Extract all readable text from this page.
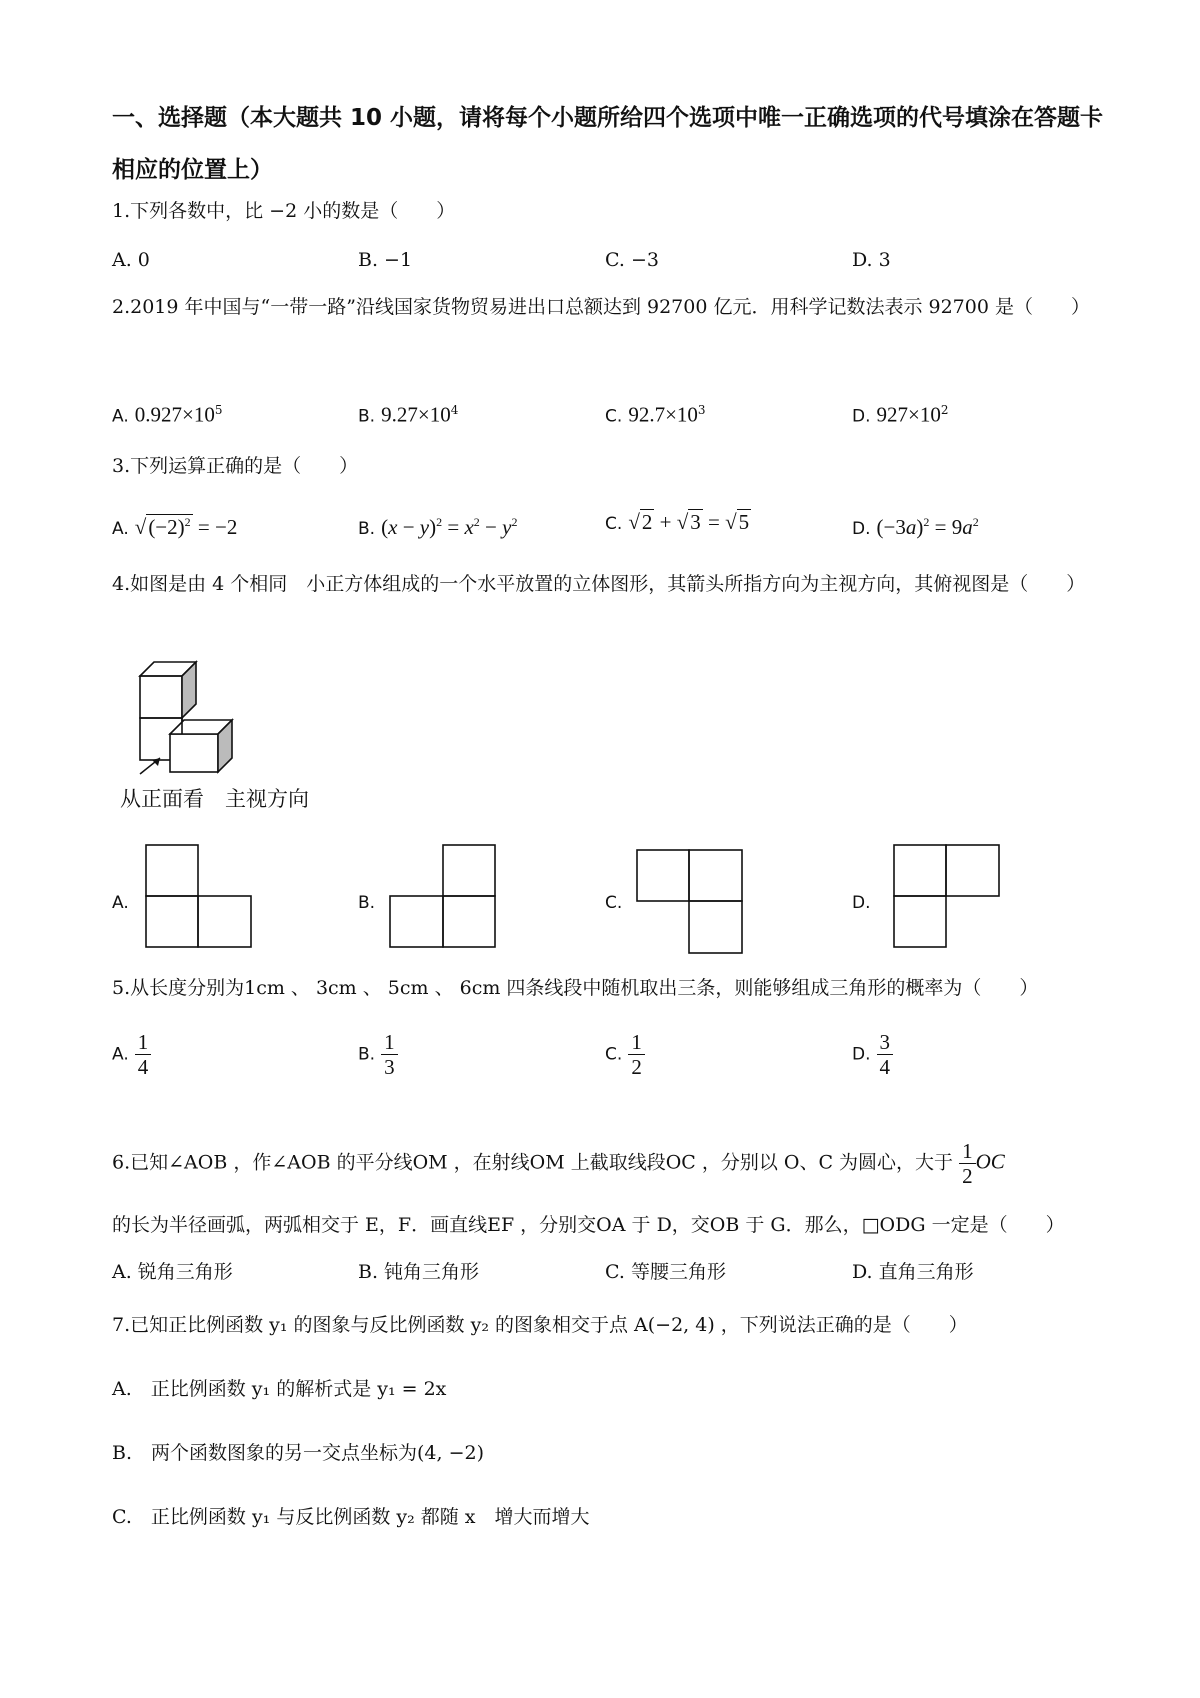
一、选择题（本大题共 10 小题，请将每个小题所给四个选项中唯一正确选项的代号填涂在答题卡相应的位置上）
1.下列各数中，比 −2 小的数是（　　）
A. 0	B. −1	C. −3	D. 3
2.2019 年中国与“一带一路”沿线国家货物贸易进出口总额达到 92700 亿元．用科学记数法表示 92700 是（　　）
A. $0.927\times 10^5$	B. $9.27\times 10^4$	C. $92.7\times 10^3$	D. $927\times 10^2$
3.下列运算正确的是（　　）
A. $√(-2)^2 = -2$	B. $(x - y)^2 = x^2 - y^2$	C. √2 + √3 = √5	D. $(-3a)^2 = 9a^2$
4.如图是由 4 个相同　小正方体组成的一个水平放置的立体图形，其箭头所指方向为主视方向，其俯视图是（　　）
从正面看　主视方向
A.	B.	C.	D.
5.从长度分别为1cm 、 3cm 、 5cm 、 6cm 四条线段中随机取出三条，则能够组成三角形的概率为（　　）
A. $\frac{1}{4}$	B. $\frac{1}{3}$	C. $\frac{1}{2}$	D. $\frac{3}{4}$
6.已知∠AOB ，作∠AOB 的平分线OM ，在射线OM 上截取线段OC ，分别以 O、C 为圆心，大于 $\frac{1}{2}$ OC
的长为半径画弧，两弧相交于 E，F．画直线EF ，分别交OA 于 D，交OB 于 G．那么，□ODG 一定是（　　）
A. 锐角三角形	B. 钝角三角形	C. 等腰三角形	D. 直角三角形
7.已知正比例函数 y₁ 的图象与反比例函数 y₂ 的图象相交于点 A(−2, 4) ，下列说法正确的是（　　）
A.　正比例函数 y₁ 的解析式是 y₁ = 2x
B.　两个函数图象的另一交点坐标为(4, −2)
C.　正比例函数 y₁ 与反比例函数 y₂ 都随 x　增大而增大
